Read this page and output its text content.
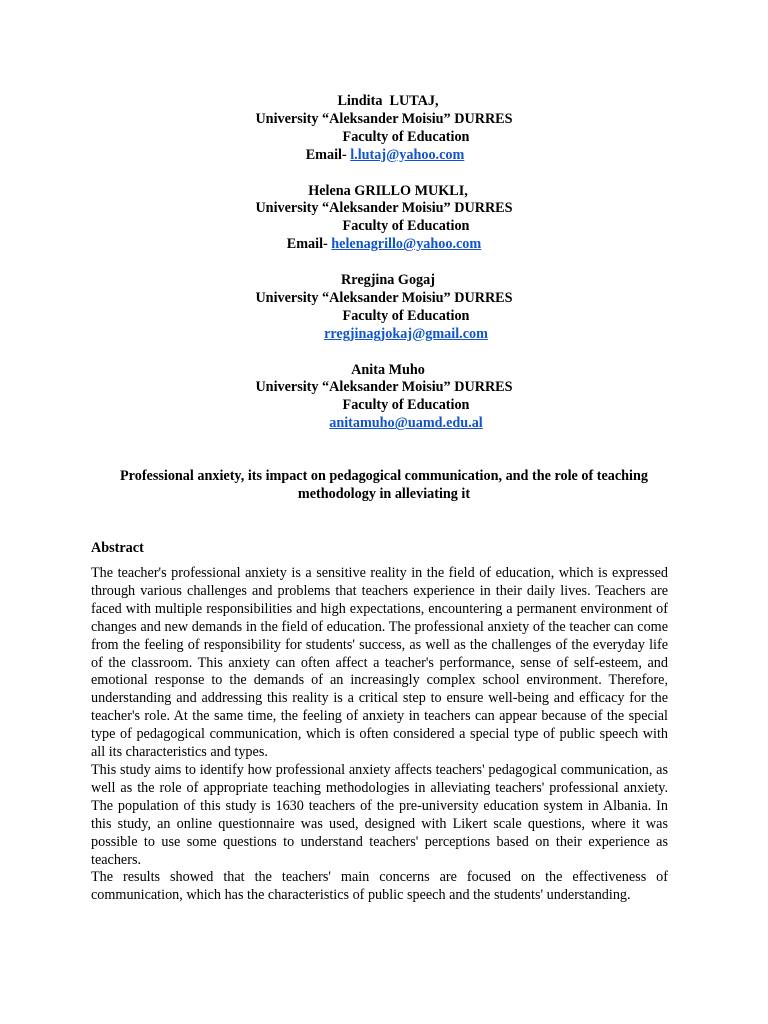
Lindita  LUTAJ,
University “Aleksander Moisiu” DURRES
Faculty of Education
Email- l.lutaj@yahoo.com
Helena GRILLO MUKLI,
University “Aleksander Moisiu” DURRES
Faculty of Education
Email- helenagrillo@yahoo.com
Rregjina Gogaj
University “Aleksander Moisiu” DURRES
Faculty of Education
rregjinagjokaj@gmail.com
Anita Muho
University “Aleksander Moisiu” DURRES
Faculty of Education
anitamuho@uamd.edu.al
Professional anxiety, its impact on pedagogical communication, and the role of teaching methodology in alleviating it
Abstract

The teacher's professional anxiety is a sensitive reality in the field of education, which is expressed through various challenges and problems that teachers experience in their daily lives. Teachers are faced with multiple responsibilities and high expectations, encountering a permanent environment of changes and new demands in the field of education. The professional anxiety of the teacher can come from the feeling of responsibility for students' success, as well as the challenges of the everyday life of the classroom. This anxiety can often affect a teacher's performance, sense of self-esteem, and emotional response to the demands of an increasingly complex school environment. Therefore, understanding and addressing this reality is a critical step to ensure well-being and efficacy for the teacher's role. At the same time, the feeling of anxiety in teachers can appear because of the special type of pedagogical communication, which is often considered a special type of public speech with all its characteristics and types.

This study aims to identify how professional anxiety affects teachers' pedagogical communication, as well as the role of appropriate teaching methodologies in alleviating teachers' professional anxiety. The population of this study is 1630 teachers of the pre-university education system in Albania. In this study, an online questionnaire was used, designed with Likert scale questions, where it was possible to use some questions to understand teachers' perceptions based on their experience as teachers.

The results showed that the teachers' main concerns are focused on the effectiveness of communication, which has the characteristics of public speech and the students' understanding.
